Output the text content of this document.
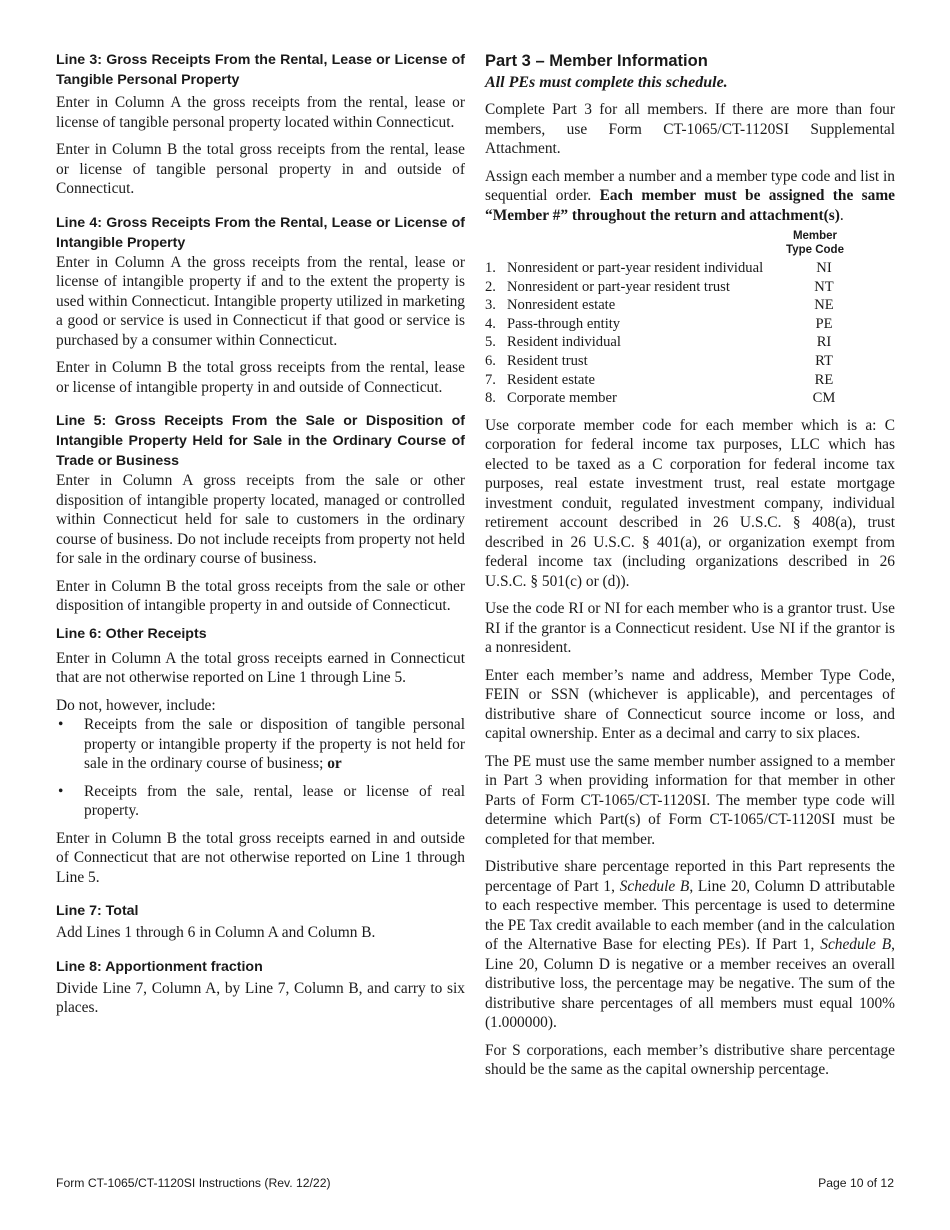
Line 3: Gross Receipts From the Rental, Lease or License of Tangible Personal Property

Enter in Column A the gross receipts from the rental, lease or license of tangible personal property located within Connecticut.

Enter in Column B the total gross receipts from the rental, lease or license of tangible personal property in and outside of Connecticut.

Line 4: Gross Receipts From the Rental, Lease or License of Intangible Property

Enter in Column A the gross receipts from the rental, lease or license of intangible property if and to the extent the property is used within Connecticut. Intangible property utilized in marketing a good or service is used in Connecticut if that good or service is purchased by a consumer within Connecticut.

Enter in Column B the total gross receipts from the rental, lease or license of intangible property in and outside of Connecticut.

Line 5: Gross Receipts From the Sale or Disposition of Intangible Property Held for Sale in the Ordinary Course of Trade or Business

Enter in Column A gross receipts from the sale or other disposition of intangible property located, managed or controlled within Connecticut held for sale to customers in the ordinary course of business. Do not include receipts from property not held for sale in the ordinary course of business.

Enter in Column B the total gross receipts from the sale or other disposition of intangible property in and outside of Connecticut.

Line 6: Other Receipts

Enter in Column A the total gross receipts earned in Connecticut that are not otherwise reported on Line 1 through Line 5.

Do not, however, include:

• Receipts from the sale or disposition of tangible personal property or intangible property if the property is not held for sale in the ordinary course of business; or
• Receipts from the sale, rental, lease or license of real property.

Enter in Column B the total gross receipts earned in and outside of Connecticut that are not otherwise reported on Line 1 through Line 5.

Line 7: Total

Add Lines 1 through 6 in Column A and Column B.

Line 8: Apportionment fraction

Divide Line 7, Column A, by Line 7, Column B, and carry to six places.

Part 3 – Member Information

All PEs must complete this schedule.

Complete Part 3 for all members. If there are more than four members, use Form CT-1065/CT-1120SI Supplemental Attachment.

Assign each member a number and a member type code and list in sequential order. Each member must be assigned the same “Member #” throughout the return and attachment(s).

Member
Type Code
1.	Nonresident or part-year resident individual	NI
2.	Nonresident or part-year resident trust	NT
3.	Nonresident estate	NE
4.	Pass-through entity	PE
5.	Resident individual	RI
6.	Resident trust	RT
7.	Resident estate	RE
8.	Corporate member	CM

Use corporate member code for each member which is a: C corporation for federal income tax purposes, LLC which has elected to be taxed as a C corporation for federal income tax purposes, real estate investment trust, real estate mortgage investment conduit, regulated investment company, individual retirement account described in 26 U.S.C. § 408(a), trust described in 26 U.S.C. § 401(a), or organization exempt from federal income tax (including organizations described in 26 U.S.C. § 501(c) or (d)).

Use the code RI or NI for each member who is a grantor trust. Use RI if the grantor is a Connecticut resident. Use NI if the grantor is a nonresident.

Enter each member’s name and address, Member Type Code, FEIN or SSN (whichever is applicable), and percentages of distributive share of Connecticut source income or loss, and capital ownership. Enter as a decimal and carry to six places.

The PE must use the same member number assigned to a member in Part 3 when providing information for that member in other Parts of Form CT-1065/CT-1120SI. The member type code will determine which Part(s) of Form CT-1065/CT-1120SI must be completed for that member.

Distributive share percentage reported in this Part represents the percentage of Part 1, Schedule B, Line 20, Column D attributable to each respective member. This percentage is used to determine the PE Tax credit available to each member (and in the calculation of the Alternative Base for electing PEs). If Part 1, Schedule B, Line 20, Column D is negative or a member receives an overall distributive loss, the percentage may be negative. The sum of the distributive share percentages of all members must equal 100% (1.000000).

For S corporations, each member’s distributive share percentage should be the same as the capital ownership percentage.

Form CT-1065/CT-1120SI Instructions (Rev. 12/22)	Page 10 of 12
